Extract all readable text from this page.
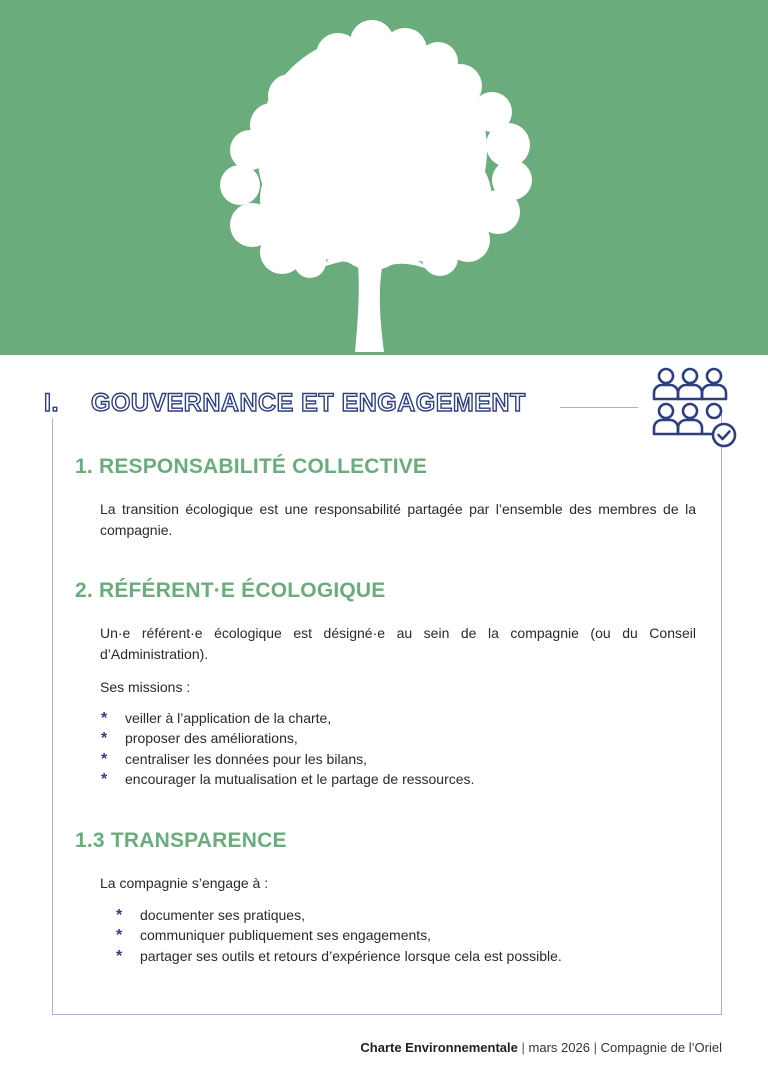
I.	GOUVERNANCE ET ENGAGEMENT
1. RESPONSABILITÉ COLLECTIVE

La transition écologique est une responsabilité partagée par l’ensemble des membres de la compagnie.

2. RÉFÉRENT·E ÉCOLOGIQUE

Un·e référent·e écologique est désigné·e au sein de la compagnie (ou du Conseil d’Administration).

Ses missions :

*	veiller à l’application de la charte,
*	proposer des améliorations,
*	centraliser les données pour les bilans,
*	encourager la mutualisation et le partage de ressources.
1.3 TRANSPARENCE

La compagnie s’engage à :

*	documenter ses pratiques,
*	communiquer publiquement ses engagements,
*	partager ses outils et retours d’expérience lorsque cela est possible.
Charte Environnementale | mars 2026 | Compagnie de l’Oriel
